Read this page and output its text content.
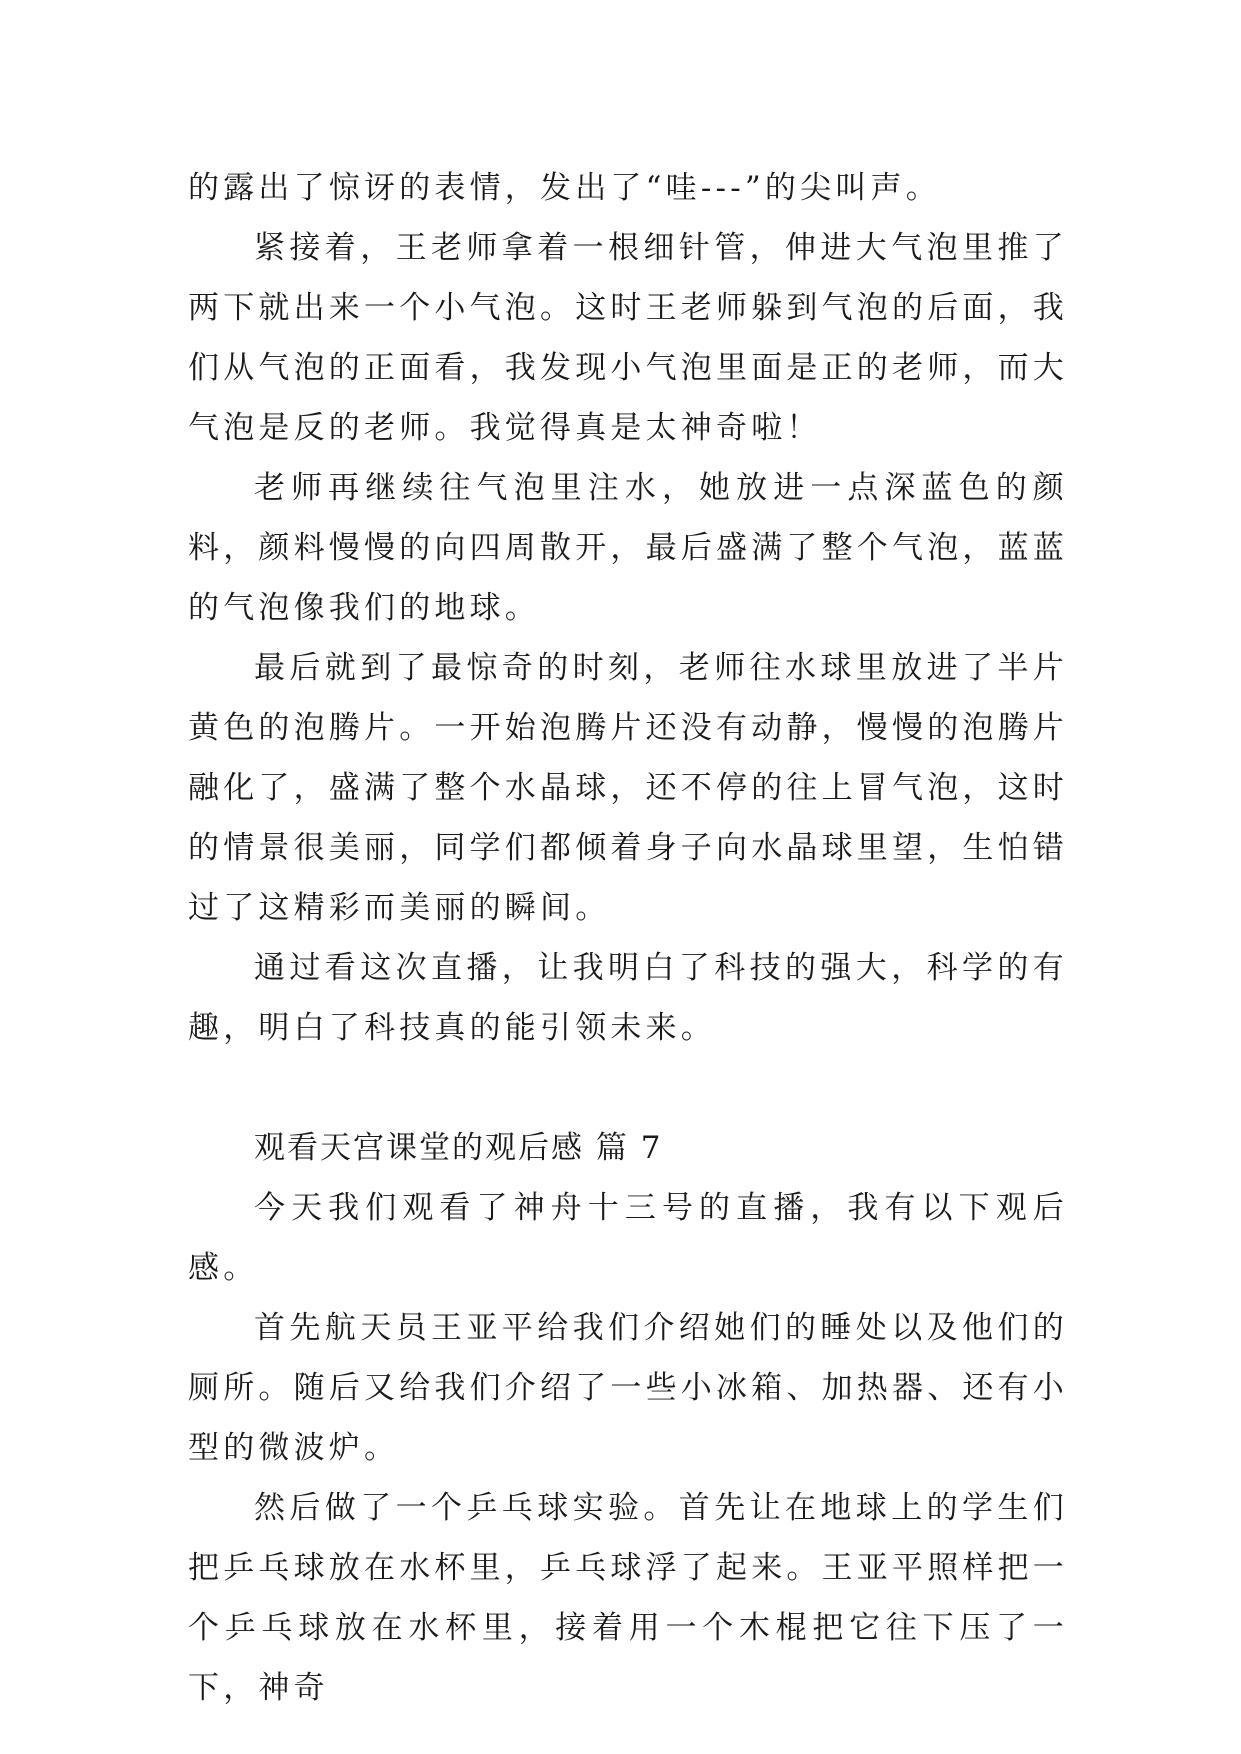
的露出了惊讶的表情，发出了“哇---”的尖叫声。

紧接着，王老师拿着一根细针管，伸进大气泡里推了两下就出来一个小气泡。这时王老师躲到气泡的后面，我们从气泡的正面看，我发现小气泡里面是正的老师，而大气泡是反的老师。我觉得真是太神奇啦！

老师再继续往气泡里注水，她放进一点深蓝色的颜料，颜料慢慢的向四周散开，最后盛满了整个气泡，蓝蓝的气泡像我们的地球。

最后就到了最惊奇的时刻，老师往水球里放进了半片黄色的泡腾片。一开始泡腾片还没有动静，慢慢的泡腾片融化了，盛满了整个水晶球，还不停的往上冒气泡，这时的情景很美丽，同学们都倾着身子向水晶球里望，生怕错过了这精彩而美丽的瞬间。

通过看这次直播，让我明白了科技的强大，科学的有趣，明白了科技真的能引领未来。

观看天宫课堂的观后感 篇 7

今天我们观看了神舟十三号的直播，我有以下观后感。

首先航天员王亚平给我们介绍她们的睡处以及他们的厕所。随后又给我们介绍了一些小冰箱、加热器、还有小型的微波炉。

然后做了一个乒乓球实验。首先让在地球上的学生们把乒乓球放在水杯里，乒乓球浮了起来。王亚平照样把一个乒乓球放在水杯里，接着用一个木棍把它往下压了一下，神奇
